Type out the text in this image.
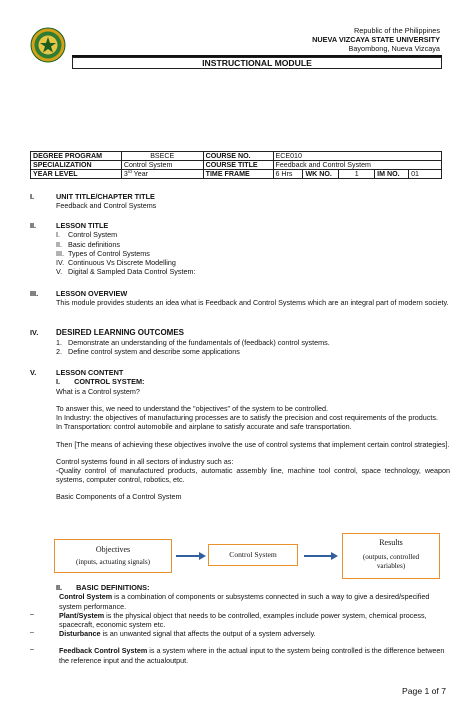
Republic of the Philippines
NUEVA VIZCAYA STATE UNIVERSITY
Bayombong, Nueva Vizcaya
INSTRUCTIONAL MODULE
DEGREE PROGRAM	BSECE	COURSE NO.	ECE010				
SPECIALIZATION	Control System	COURSE TITLE	Feedback and Control System				
YEAR LEVEL	3rd Year	TIME FRAME	6 Hrs	WK NO.	1	IM NO.	01
I.	UNIT TITLE/CHAPTER TITLE
Feedback and Control Systems
II.	LESSON TITLE
I. Control System
II. Basic definitions
III. Types of Control Systems
IV. Continuous Vs Discrete Modelling
V. Digital & Sampled Data Control System:
III. LESSON OVERVIEW
This module provides students an idea what is Feedback and Control Systems which are an integral part of modern society.
IV. DESIRED LEARNING OUTCOMES
1. Demonstrate an understanding of the fundamentals of (feedback) control systems.
2. Define control system and describe some applications
V.	LESSON CONTENT
I. CONTROL SYSTEM:
What is a Control system?
To answer this, we need to understand the "objectives" of the system to be controlled.
In Industry: the objectives of manufacturing processes are to satisfy the precision and cost requirements of the products.
In Transportation: control automobile and airplane to satisfy accurate and safe transportation.
Then [The means of achieving these objectives involve the use of control systems that implement certain control strategies].
Control systems found in all sectors of industry such as:
-Quality control of manufactured products, automatic assembly line, machine tool control, space technology, weapon systems, computer control, robotics, etc.
Basic Components of a Control System
Objectives
(inputs, actuating signals)
Control System
Results
(outputs, controlled
variables)
II. BASIC DEFINITIONS:
Control System is a combination of components or subsystems connected in such a way to give a desired/specified system performance.
–	Plant/System is the physical object that needs to be controlled, examples include power system, chemical process, spacecraft, economic system etc.
–	Disturbance is an unwanted signal that affects the output of a system adversely.
–	Feedback Control System is a system where in the actual input to the system being controlled is the difference between the reference input and the actualoutput.
Page 1 of 7
